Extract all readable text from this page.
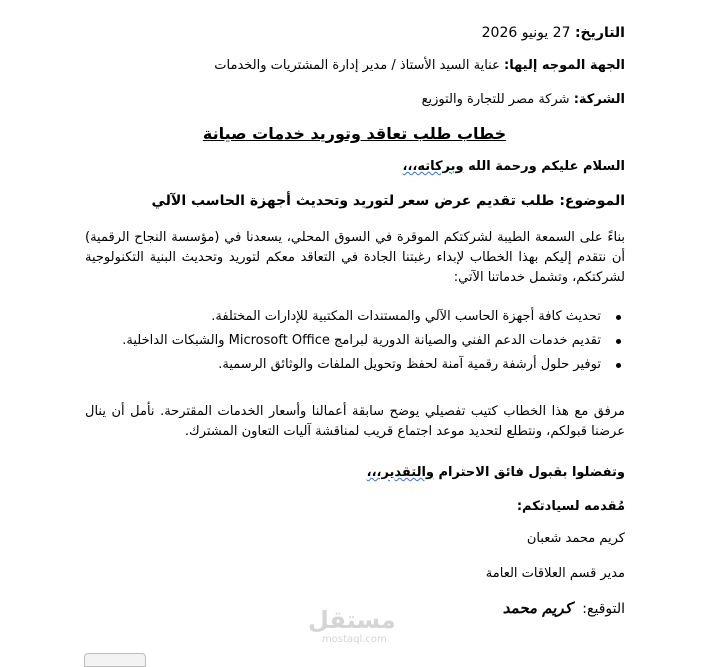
التاريخ: 27 يونيو 2026
الجهة الموجه إليها: عناية السيد الأستاذ / مدير إدارة المشتريات والخدمات
الشركة: شركة مصر للتجارة والتوزيع
خطاب طلب تعاقد وتوريد خدمات صيانة
السلام عليكم ورحمة الله وبركاته،،،
الموضوع: طلب تقديم عرض سعر لتوريد وتحديث أجهزة الحاسب الآلي
بناءً على السمعة الطيبة لشركتكم الموقرة في السوق المحلي، يسعدنا في (مؤسسة النجاح الرقمية) أن نتقدم إليكم بهذا الخطاب لإبداء رغبتنا الجادة في التعاقد معكم لتوريد وتحديث البنية التكنولوجية لشركتكم، وتشمل خدماتنا الآتي:
تحديث كافة أجهزة الحاسب الآلي والمستندات المكتبية للإدارات المختلفة.
تقديم خدمات الدعم الفني والصيانة الدورية لبرامج Microsoft Office والشبكات الداخلية.
توفير حلول أرشفة رقمية آمنة لحفظ وتحويل الملفات والوثائق الرسمية.
مرفق مع هذا الخطاب كتيب تفصيلي يوضح سابقة أعمالنا وأسعار الخدمات المقترحة. نأمل أن ينال عرضنا قبولكم، ونتطلع لتحديد موعد اجتماع قريب لمناقشة آليات التعاون المشترك.
وتفضلوا بقبول فائق الاحترام والتقدير،،،
مُقدمه لسيادتكم:
كريم محمد شعبان
مدير قسم العلاقات العامة
التوقيع: كريم محمد
مستقل
mostaql.com
